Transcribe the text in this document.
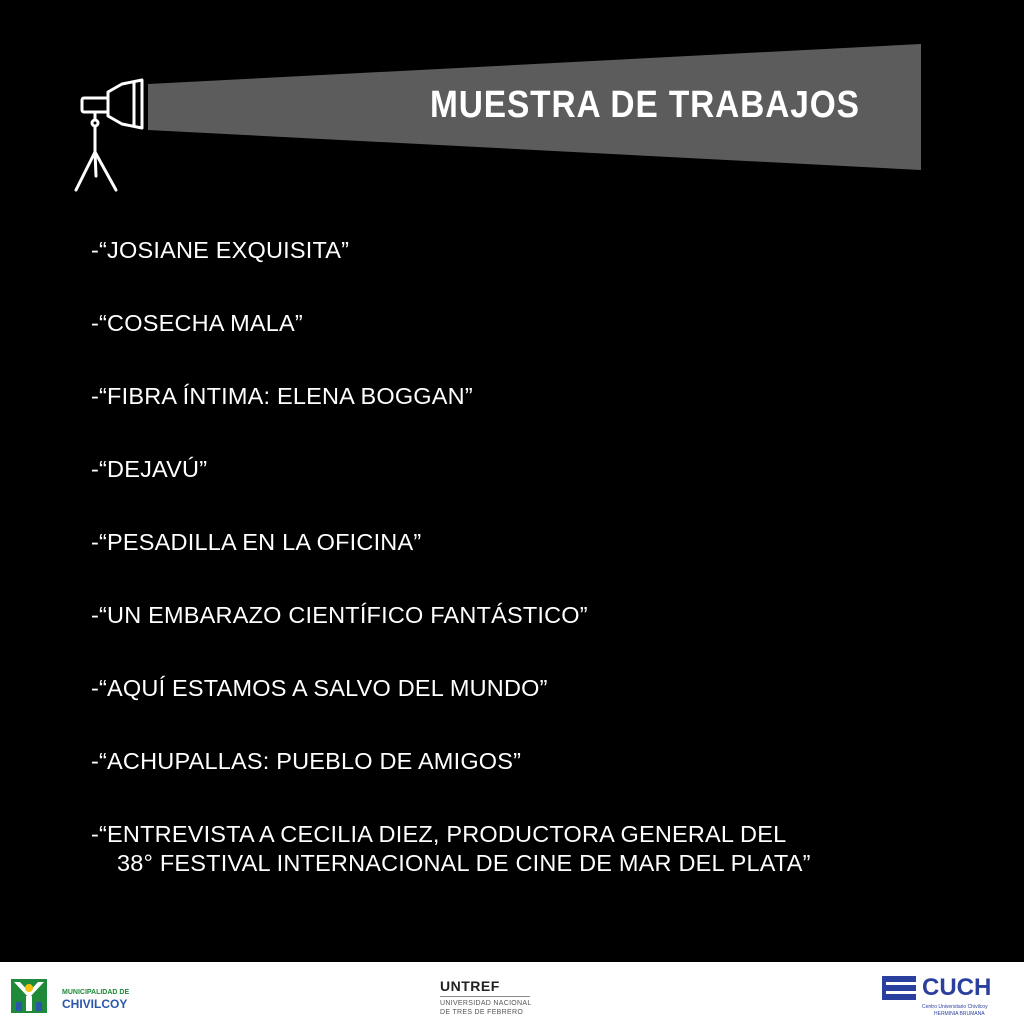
MUESTRA DE TRABAJOS
-“JOSIANE EXQUISITA”
-“COSECHA MALA”
-“FIBRA ÍNTIMA: ELENA BOGGAN”
-“DEJAVÚ”
-“PESADILLA EN LA OFICINA”
-“UN EMBARAZO CIENTÍFICO FANTÁSTICO”
-“AQUÍ ESTAMOS A SALVO DEL MUNDO”
-“ACHUPALLAS: PUEBLO DE AMIGOS”
-“ENTREVISTA A CECILIA DIEZ, PRODUCTORA GENERAL DEL
38° FESTIVAL INTERNACIONAL DE CINE DE MAR DEL PLATA”
MUNICIPALIDAD DE
CHIVILCOY
UNTREF
UNIVERSIDAD NACIONAL
DE TRES DE FEBRERO
CUCH
Centro Universitario Chivilcoy
HERMINIA BRUMANA
